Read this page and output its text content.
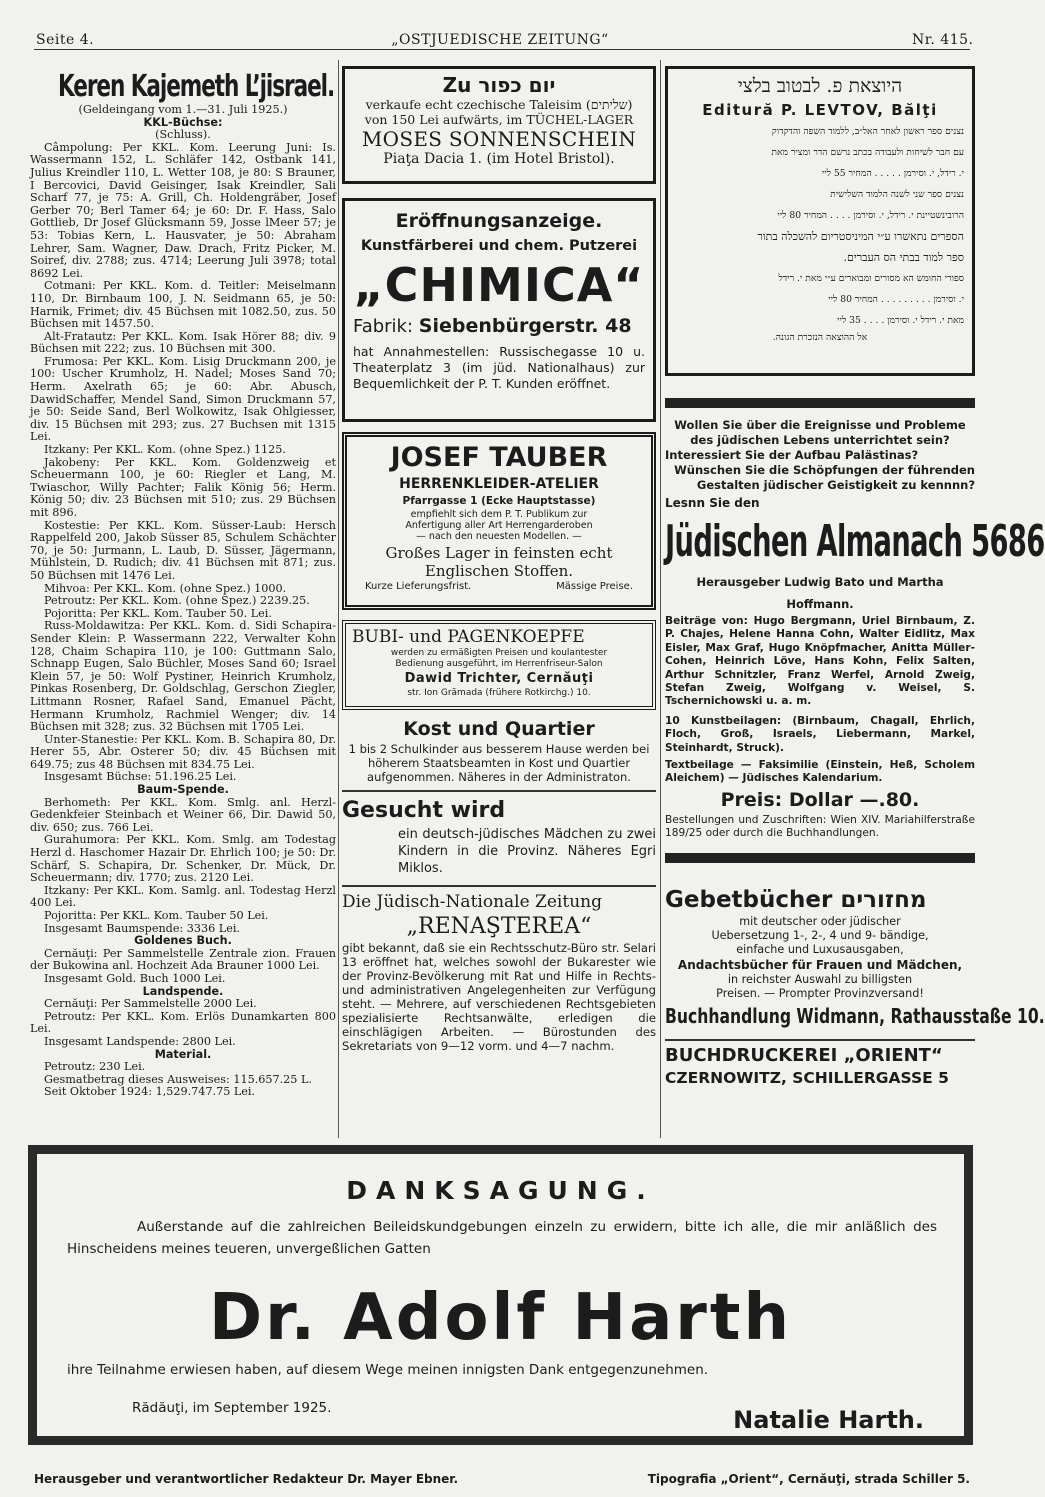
Seite 4.	„OSTJUEDISCHE ZEITUNG“	Nr. 415.
Keren Kajemeth L’jisrael.
(Geldeingang vom 1.—31. Juli 1925.)
KKL-Büchse:
(Schluss).

Câmpolung: Per KKL. Kom. Leerung Juni: Is. Wassermann 152, L. Schläfer 142, Ostbank 141, Julius Kreindler 110, L. Wetter 108, je 80: S Brauner, I Bercovici, David Geisinger, Isak Kreindler, Sali Scharf 77, je 75: A. Grill, Ch. Holdengräber, Josef Gerber 70; Berl Tamer 64; je 60: Dr. F. Hass, Salo Gottlieb, Dr Josef Glücksmann 59, Josse lMeer 57; je 53: Tobias Kern, L. Hausvater, je 50: Abraham Lehrer, Sam. Wagner, Daw. Drach, Fritz Picker, M. Soiref, div. 2788; zus. 4714; Leerung Juli 3978; total 8692 Lei.

Cotmani: Per KKL. Kom. d. Teitler: Meiselmann 110, Dr. Birnbaum 100, J. N. Seidmann 65, je 50: Harnik, Frimet; div. 45 Büchsen mit 1082.50, zus. 50 Büchsen mit 1457.50.

Alt-Fratautz: Per KKL. Kom. Isak Hörer 88; div. 9 Büchsen mit 222; zus. 10 Büchsen mit 300.

Frumosa: Per KKL. Kom. Lisig Druckmann 200, je 100: Uscher Krumholz, H. Nadel; Moses Sand 70; Herm. Axelrath 65; je 60: Abr. Abusch, DawidSchaffer, Mendel Sand, Simon Druckmann 57, je 50: Seide Sand, Berl Wolkowitz, Isak Ohlgiesser, div. 15 Büchsen mit 293; zus. 27 Buchsen mit 1315 Lei.

Itzkany: Per KKL. Kom. (ohne Spez.) 1125.

Jakobeny: Per KKL. Kom. Goldenzweig et Scheuermann 100, je 60: Riegler et Lang, M. Twiaschor, Willy Pachter; Falik König 56; Herm. König 50; div. 23 Büchsen mit 510; zus. 29 Büchsen mit 896.

Kostestie: Per KKL. Kom. Süsser-Laub: Hersch Rappelfeld 200, Jakob Süsser 85, Schulem Schächter 70, je 50: Jurmann, L. Laub, D. Süsser, Jägermann, Mühlstein, D. Rudich; div. 41 Büchsen mit 871; zus. 50 Büchsen mit 1476 Lei.

Mihvoa: Per KKL. Kom. (ohne Spez.) 1000.

Petroutz: Per KKL. Kom. (ohne Spez.) 2239.25.

Pojoritta: Per KKL. Kom. Tauber 50. Lei.

Russ-Moldawitza: Per KKL. Kom. d. Sidi Schapira-Sender Klein: P. Wassermann 222, Verwalter Kohn 128, Chaim Schapira 110, je 100: Guttmann Salo, Schnapp Eugen, Salo Büchler, Moses Sand 60; Israel Klein 57, je 50: Wolf Pystiner, Heinrich Krumholz, Pinkas Rosenberg, Dr. Goldschlag, Gerschon Ziegler, Littmann Rosner, Rafael Sand, Emanuel Pächt, Hermann Krumholz, Rachmiel Wenger; div. 14 Büchsen mit 328; zus. 32 Büchsen mit 1705 Lei.

Unter-Stanestie: Per KKL. Kom. B. Schapira 80, Dr. Herer 55, Abr. Osterer 50; div. 45 Büchsen mit 649.75; zus 48 Büchsen mit 834.75 Lei.

Insgesamt Büchse: 51.196.25 Lei.

Baum-Spende.

Berhometh: Per KKL. Kom. Smlg. anl. Herzl-Gedenkfeier Steinbach et Weiner 66, Dir. Dawid 50, div. 650; zus. 766 Lei.

Gurahumora: Per KKL. Kom. Smlg. am Todestag Herzl d. Haschomer Hazair Dr. Ehrlich 100; je 50: Dr. Schärf, S. Schapira, Dr. Schenker, Dr. Mück, Dr. Scheuermann; div. 1770; zus. 2120 Lei.

Itzkany: Per KKL. Kom. Samlg. anl. Todestag Herzl 400 Lei.

Pojoritta: Per KKL. Kom. Tauber 50 Lei.

Insgesamt Baumspende: 3336 Lei.

Goldenes Buch.

Cernăuţi: Per Sammelstelle Zentrale zion. Frauen der Bukowina anl. Hochzeit Ada Brauner 1000 Lei.

Insgesamt Gold. Buch 1000 Lei.

Landspende.

Cernăuţi: Per Sammelstelle 2000 Lei.

Petroutz: Per KKL. Kom. Erlös Dunamkarten 800 Lei.

Insgesamt Landspende: 2800 Lei.

Material.

Petroutz: 230 Lei.

Gesmatbetrag dieses Ausweises: 115.657.25 L.

Seit Oktober 1924: 1,529.747.75 Lei.

Zu יום כפור
verkaufe echt czechische Taleisim (שליתים)
von 150 Lei aufwärts, im TÜCHEL-LAGER
MOSES SONNENSCHEIN
Piaţa Dacia 1. (im Hotel Bristol).
Eröffnungsanzeige.
Kunstfärberei und chem. Putzerei
„CHIMICA“
Fabrik: Siebenbürgerstr. 48
hat Annahmestellen: Russischegasse 10 u. Theaterplatz 3 (im jüd. Nationalhaus) zur Bequemlichkeit der P. T. Kunden eröffnet.
JOSEF TAUBER
HERRENKLEIDER-ATELIER
Pfarrgasse 1 (Ecke Hauptstasse)
empfiehlt sich dem P. T. Publikum zur
Anfertigung aller Art Herrengarderoben
— nach den neuesten Modellen. —
Großes Lager in feinsten echt
Englischen Stoffen.
Kurze Lieferungsfrist.	Mässige Preise.
BUBI- und PAGENKOEPFE
werden zu ermäßigten Preisen und koulantester
Bedienung ausgeführt, im Herrenfriseur-Salon
Dawid Trichter, Cernăuţi
str. Ion Grămada (frühere Rotkirchg.) 10.
Kost und Quartier
1 bis 2 Schulkinder aus besserem Hause werden bei höherem Staatsbeamten in Kost und Quartier aufgenommen. Näheres in der Administraton.
Gesucht wird
ein deutsch-jüdisches Mädchen zu zwei Kindern in die Provinz. Näheres Egri Miklos.
Die Jüdisch-Nationale Zeitung
„RENAŞTEREA“
gibt bekannt, daß sie ein Rechtsschutz-Büro str. Selari 13 eröffnet hat, welches sowohl der Bukarester wie der Provinz-Bevölkerung mit Rat und Hilfe in Rechts- und administrativen Angelegenheiten zur Verfügung steht. — Mehrere, auf verschiedenen Rechtsgebieten spezialisierte Rechtsanwälte, erledigen die einschlägigen Arbeiten. — Bürostunden des Sekretariats von 9—12 vorm. und 4—7 nachm.
היוצאת פ. לבטוב בלצי
Editură P. LEVTOV, Bălţi
נצנים ספר ראשון לאחר האל״ב, ללמוד השפה והדקדוק
עם חבר לשיחות ולעבודה בכתב נרשם הדר ומציר מאת
י. רידל, י. וסירמן . . . . . המחיר 55 ליי
נצנים ספר שני לשנה הלמוד השלישית
הרובינשטיינת י. רידל, י. וסירמן . . . . המחיר 80 ליי
הספרים נתאשרו ע״י המיניסטריום להשכלה בתור
ספר למוד בבתי הס העברים.
ספורי החומש הא מסורים ומבוארים ע״י מאת י. רידל
י. וסירמן . . . . . . . . . המחיר 80 ליי
מאת י. רידל י. וסירמן . . . . 35 ליי
אל ההוצאה הנזכרת הגונה.
Wollen Sie über die Ereignisse und Probleme des jüdischen Lebens unterrichtet sein?
Interessiert Sie der Aufbau Palästinas?
Wünschen Sie die Schöpfungen der führenden Gestalten jüdischer Geistigkeit zu kennnn?
Lesnn Sie den
Jüdischen Almanach 5686
Herausgeber Ludwig Bato und Martha Hoffmann.
Beiträge von: Hugo Bergmann, Uriel Birnbaum, Z. P. Chajes, Helene Hanna Cohn, Walter Eidlitz, Max Eisler, Max Graf, Hugo Knöpfmacher, Anitta Müller-Cohen, Heinrich Löve, Hans Kohn, Felix Salten, Arthur Schnitzler, Franz Werfel, Arnold Zweig, Stefan Zweig, Wolfgang v. Weisel, S. Tschernichowski u. a. m.
10 Kunstbeilagen: (Birnbaum, Chagall, Ehrlich, Floch, Groß, Israels, Liebermann, Markel, Steinhardt, Struck).
Textbeilage — Faksimilie (Einstein, Heß, Scholem Aleichem) — Jüdisches Kalendarium.
Preis: Dollar —.80.
Bestellungen und Zuschriften: Wien XIV. Mariahilferstraße 189/25 oder durch die Buchhandlungen.
Gebetbücher מחזורים
mit deutscher oder jüdischer Uebersetzung 1-, 2-, 4 und 9- bändige, einfache und Luxusausgaben,
Andachtsbücher für Frauen und Mädchen,
in reichster Auswahl zu billigsten Preisen. — Prompter Provinzversand!
Buchhandlung Widmann, Rathausstaße 10.
BUCHDRUCKEREI „ORIENT“
CZERNOWITZ, SCHILLERGASSE 5
DANKSAGUNG.
Außerstande auf die zahlreichen Beileidskundgebungen einzeln zu erwidern, bitte ich alle, die mir anläßlich des Hinscheidens meines teueren, unvergeßlichen Gatten
Dr. Adolf Harth
ihre Teilnahme erwiesen haben, auf diesem Wege meinen innigsten Dank entgegenzunehmen.
Rădăuţi, im September 1925.	Natalie Harth.
Herausgeber und verantwortlicher Redakteur Dr. Mayer Ebner.	Tipografia „Orient“, Cernăuţi, strada Schiller 5.
